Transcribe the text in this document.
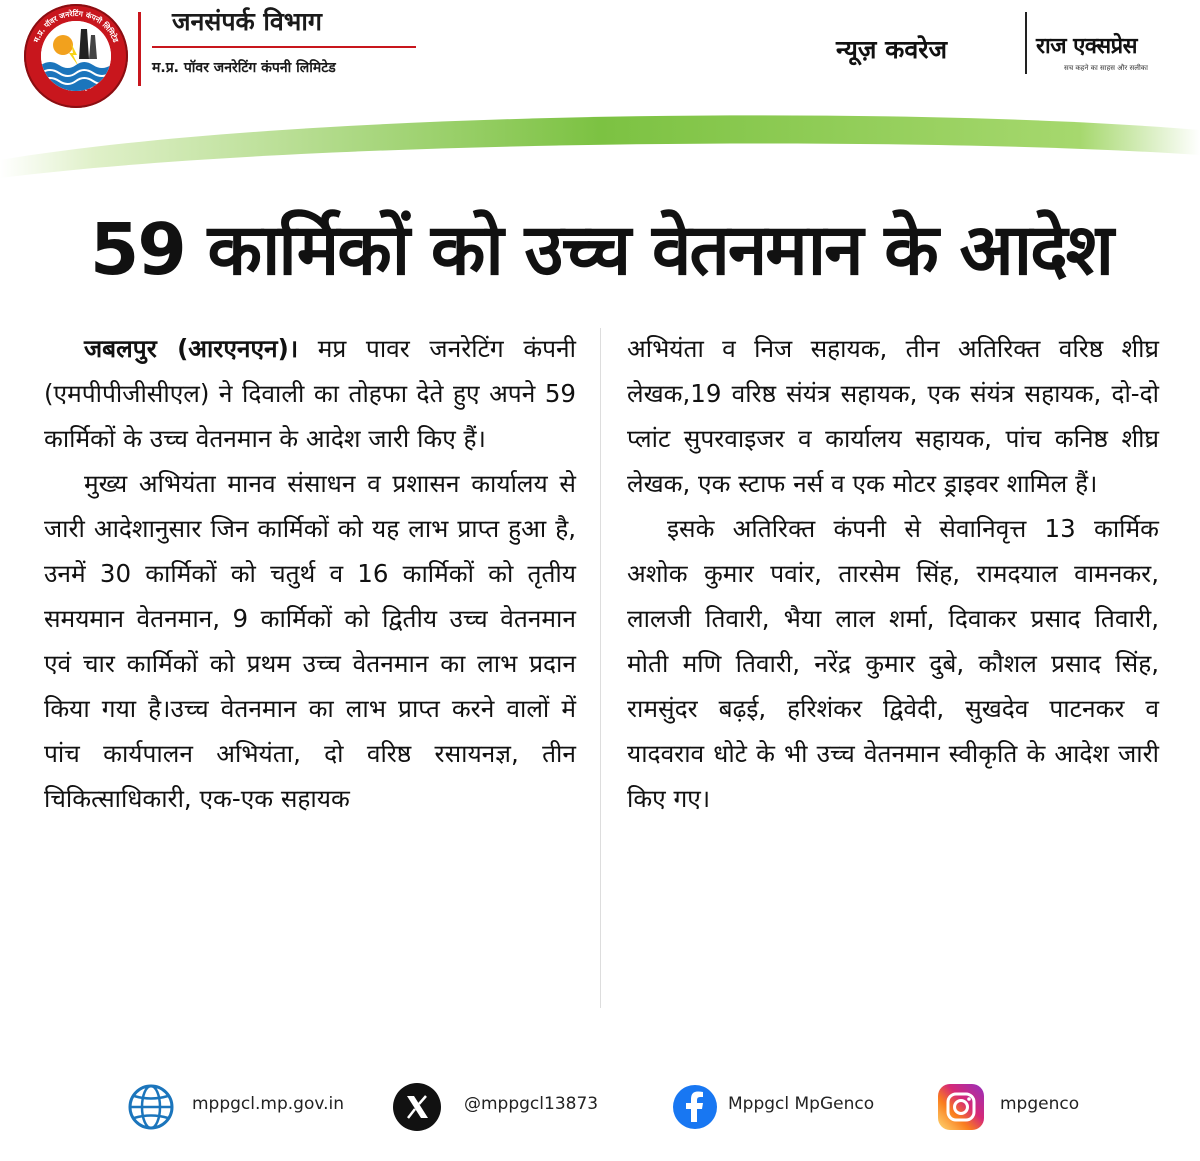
म.प्र. पॉवर जनरेटिंग कंपनी लिमिटेड
जनसंपर्क विभाग
म.प्र. पॉवर जनरेटिंग कंपनी लिमिटेड
न्यूज़ कवरेज	राज एक्सप्रेस
सच कहने का साहस और सलीका
59 कार्मिकों को उच्च वेतनमान के आदेश

जबलपुर (आरएनएन)। मप्र पावर जनरेटिंग कंपनी (एमपीपीजीसीएल) ने दिवाली का तोहफा देते हुए अपने 59 कार्मिकों के उच्च वेतनमान के आदेश जारी किए हैं।

मुख्य अभियंता मानव संसाधन व प्रशासन कार्यालय से जारी आदेशानुसार जिन कार्मिकों को यह लाभ प्राप्त हुआ है, उनमें 30 कार्मिकों को चतुर्थ व 16 कार्मिकों को तृतीय समयमान वेतनमान, 9 कार्मिकों को द्वितीय उच्च वेतनमान एवं चार कार्मिकों को प्रथम उच्च वेतनमान का लाभ प्रदान किया गया है।उच्च वेतनमान का लाभ प्राप्त करने वालों में पांच कार्यपालन अभियंता, दो वरिष्ठ रसायनज्ञ, तीन चिकित्साधिकारी, एक-एक सहायक

अभियंता व निज सहायक, तीन अतिरिक्त वरिष्ठ शीघ्र लेखक,19 वरिष्ठ संयंत्र सहायक, एक संयंत्र सहायक, दो-दो प्लांट सुपरवाइजर व कार्यालय सहायक, पांच कनिष्ठ शीघ्र लेखक, एक स्टाफ नर्स व एक मोटर ड्राइवर शामिल हैं।

इसके अतिरिक्त कंपनी से सेवानिवृत्त 13 कार्मिक अशोक कुमार पवांर, तारसेम सिंह, रामदयाल वामनकर, लालजी तिवारी, भैया लाल शर्मा, दिवाकर प्रसाद तिवारी, मोती मणि तिवारी, नरेंद्र कुमार दुबे, कौशल प्रसाद सिंह, रामसुंदर बढ़ई, हरिशंकर द्विवेदी, सुखदेव पाटनकर व यादवराव धोटे के भी उच्च वेतनमान स्वीकृति के आदेश जारी किए गए।

mppgcl.mp.gov.in	@mppgcl13873	Mppgcl MpGenco	mpgenco
